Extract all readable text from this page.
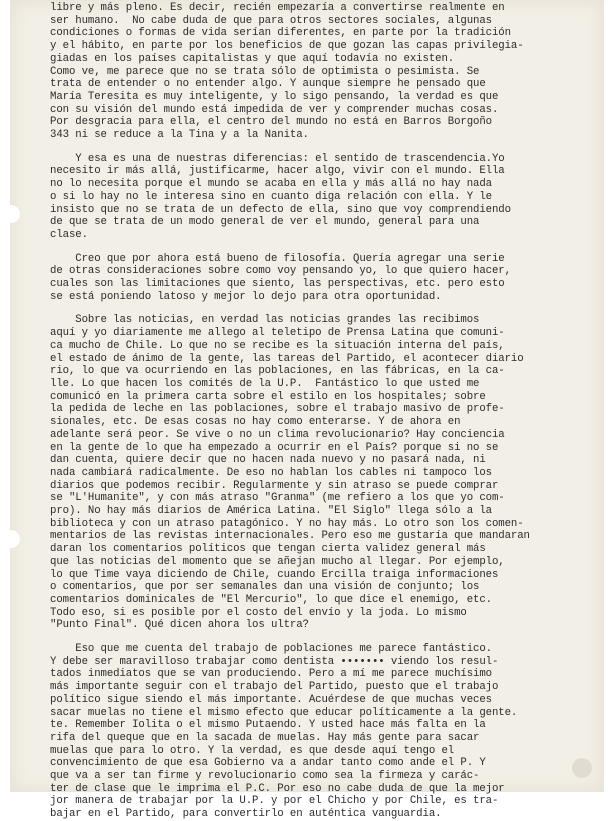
libre y más pleno. Es decir, recién empezaría a convertirse realmente en
ser humano.  No cabe duda de que para otros sectores sociales, algunas
condiciones o formas de vida serían diferentes, en parte por la tradición
y el hábito, en parte por los beneficios de que gozan las capas privilegia-
giadas en los países capitalistas y que aquí todavía no existen.
Como ve, me parece que no se trata sólo de optimista o pesimista. Se
trata de entender o no entender algo. Y aunque siempre he pensado que
María Teresita es muy inteligente, y lo sigo pensando, la verdad es que
con su visión del mundo está impedida de ver y comprender muchas cosas.
Por desgracia para ella, el centro del mundo no está en Barros Borgoño
343 ni se reduce a la Tina y a la Nanita.
Y esa es una de nuestras diferencias: el sentido de trascendencia.Yo
necesito ir más allá, justificarme, hacer algo, vivir con el mundo. Ella
no lo necesita porque el mundo se acaba en ella y más allá no hay nada
o si lo hay no le interesa sino en cuanto diga relación con ella. Y le
insisto que no se trata de un defecto de ella, sino que voy comprendiendo
de que se trata de un modo general de ver el mundo, general para una
clase.
Creo que por ahora está bueno de filosofía. Quería agregar una serie
de otras consideraciones sobre como voy pensando yo, lo que quiero hacer,
cuales son las limitaciones que siento, las perspectivas, etc. pero esto
se está poniendo latoso y mejor lo dejo para otra oportunidad.
Sobre las noticias, en verdad las noticias grandes las recibimos
aquí y yo diariamente me allego al teletipo de Prensa Latina que comuni-
ca mucho de Chile. Lo que no se recibe es la situación interna del país,
el estado de ánimo de la gente, las tareas del Partido, el acontecer diario
rio, lo que va ocurriendo en las poblaciones, en las fábricas, en la ca-
lle. Lo que hacen los comités de la U.P.  Fantástico lo que usted me
comunicó en la primera carta sobre el estilo en los hospitales; sobre
la pedida de leche en las poblaciones, sobre el trabajo masivo de profe-
sionales, etc. De esas cosas no hay como enterarse. Y de ahora en
adelante será peor. Se vive o no un clima revolucionario? Hay conciencia
en la gente de lo que ha empezado a ocurrir en el País? porque si no se
dan cuenta, quiere decir que no hacen nada nuevo y no pasará nada, ni
nada cambiará radicalmente. De eso no hablan los cables ni tampoco los
diarios que podemos recibir. Regularmente y sin atraso se puede comprar
se "L'Humanite", y con más atraso "Granma" (me refiero a los que yo com-
pro). No hay más diarios de América Latina. "El Siglo" llega sólo a la
biblioteca y con un atraso patagónico. Y no hay más. Lo otro son los comen-
mentarios de las revistas internacionales. Pero eso me gustaría que mandaran
daran los comentarios políticos que tengan cierta validez general más
que las noticias del momento que se añejan mucho al llegar. Por ejemplo,
lo que Time vaya diciendo de Chile, cuando Ercilla traiga informaciones
o comentarios, que por ser semanales dan una visión de conjunto; los
comentarios dominicales de "El Mercurio", lo que dice el enemigo, etc.
Todo eso, si es posible por el costo del envío y la joda. Lo mismo
"Punto Final". Qué dicen ahora los ultra?
Eso que me cuenta del trabajo de poblaciones me parece fantástico.
Y debe ser maravilloso trabajar como dentista ••••••• viendo los resul-
tados inmediatos que se van produciendo. Pero a mí me parece muchísimo
más importante seguir con el trabajo del Partido, puesto que el trabajo
político sigue siendo el más importante. Acuérdese de que muchas veces
sacar muelas no tiene el mismo efecto que educar políticamente a la gente.
te. Remember Iolita o el mismo Putaendo. Y usted hace más falta en la
rifa del queque que en la sacada de muelas. Hay más gente para sacar
muelas que para lo otro. Y la verdad, es que desde aquí tengo el
convencimiento de que esa Gobierno va a andar tanto como ande el P. Y
que va a ser tan firme y revolucionario como sea la firmeza y carác-
ter de clase que le imprima el P.C. Por eso no cabe duda de que la mejor
jor manera de trabajar por la U.P. y por el Chicho y por Chile, es tra-
bajar en el Partido, para convertirlo en auténtica vanguardia.
